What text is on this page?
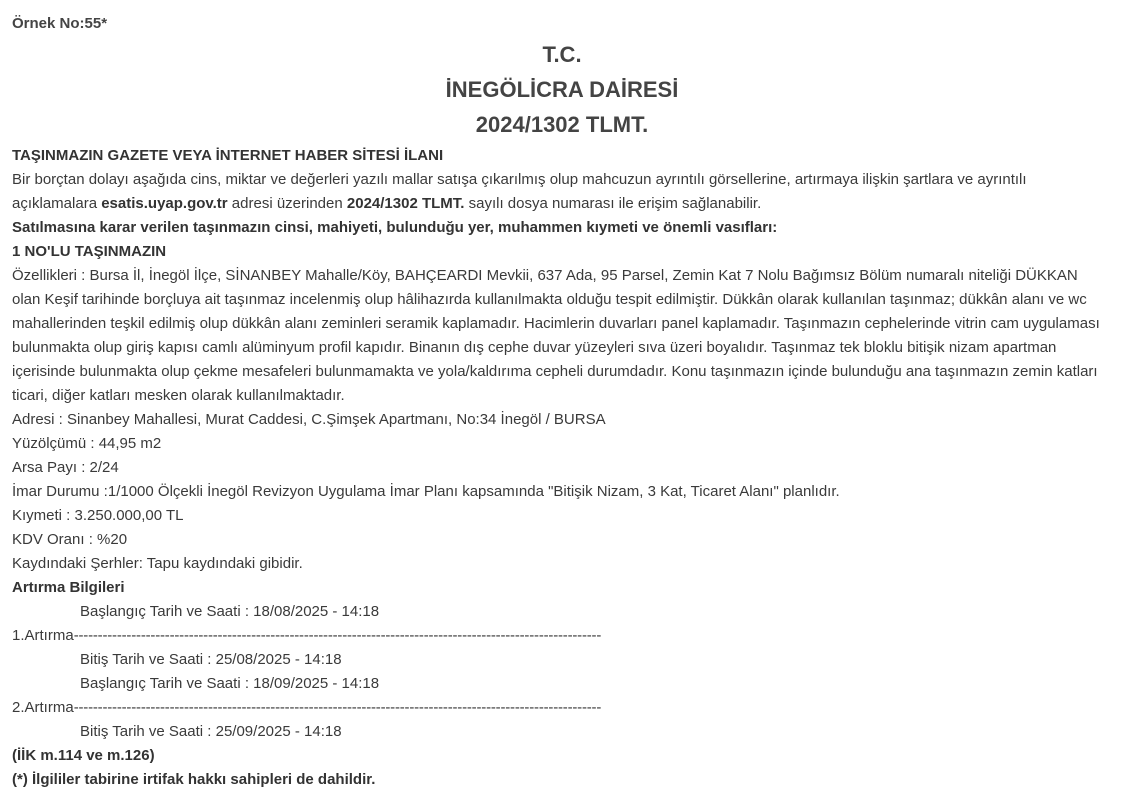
Örnek No:55*
T.C.
İNEGÖLİCRA DAİRESİ
2024/1302 TLMT.
TAŞINMAZIN GAZETE VEYA İNTERNET HABER SİTESİ İLANI
Bir borçtan dolayı aşağıda cins, miktar ve değerleri yazılı mallar satışa çıkarılmış olup mahcuzun ayrıntılı görsellerine, artırmaya ilişkin şartlara ve ayrıntılı açıklamalara esatis.uyap.gov.tr adresi üzerinden 2024/1302 TLMT. sayılı dosya numarası ile erişim sağlanabilir.
Satılmasına karar verilen taşınmazın cinsi, mahiyeti, bulunduğu yer, muhammen kıymeti ve önemli vasıfları:
1 NO'LU TAŞINMAZIN
Özellikleri : Bursa İl, İnegöl İlçe, SİNANBEY Mahalle/Köy, BAHÇEARDI Mevkii, 637 Ada, 95 Parsel, Zemin Kat 7 Nolu Bağımsız Bölüm numaralı niteliği DÜKKAN olan Keşif tarihinde borçluya ait taşınmaz incelenmiş olup hâlihazırda kullanılmakta olduğu tespit edilmiştir. Dükkân olarak kullanılan taşınmaz; dükkân alanı ve wc mahallerinden teşkil edilmiş olup dükkân alanı zeminleri seramik kaplamadır. Hacimlerin duvarları panel kaplamadır. Taşınmazın cephelerinde vitrin cam uygulaması bulunmakta olup giriş kapısı camlı alüminyum profil kapıdır. Binanın dış cephe duvar yüzeyleri sıva üzeri boyalıdır. Taşınmaz tek bloklu bitişik nizam apartman içerisinde bulunmakta olup çekme mesafeleri bulunmamakta ve yola/kaldırıma cepheli durumdadır. Konu taşınmazın içinde bulunduğu ana taşınmazın zemin katları ticari, diğer katları mesken olarak kullanılmaktadır.
Adresi : Sinanbey Mahallesi, Murat Caddesi, C.Şimşek Apartmanı, No:34 İnegöl / BURSA
Yüzölçümü : 44,95 m2
Arsa Payı : 2/24
İmar Durumu :1/1000 Ölçekli İnegöl Revizyon Uygulama İmar Planı kapsamında "Bitişik Nizam, 3 Kat, Ticaret Alanı" planlıdır.
Kıymeti : 3.250.000,00 TL
KDV Oranı : %20
Kaydındaki Şerhler: Tapu kaydındaki gibidir.
Artırma Bilgileri
Başlangıç Tarih ve Saati : 18/08/2025 - 14:18
1.Artırma--------------------------------------------------------------------------------------------------------------
Bitiş Tarih ve Saati : 25/08/2025 - 14:18
Başlangıç Tarih ve Saati : 18/09/2025 - 14:18
2.Artırma--------------------------------------------------------------------------------------------------------------
Bitiş Tarih ve Saati : 25/09/2025 - 14:18
(İİK m.114 ve m.126)
(*) İlgililer tabirine irtifak hakkı sahipleri de dahildir.
